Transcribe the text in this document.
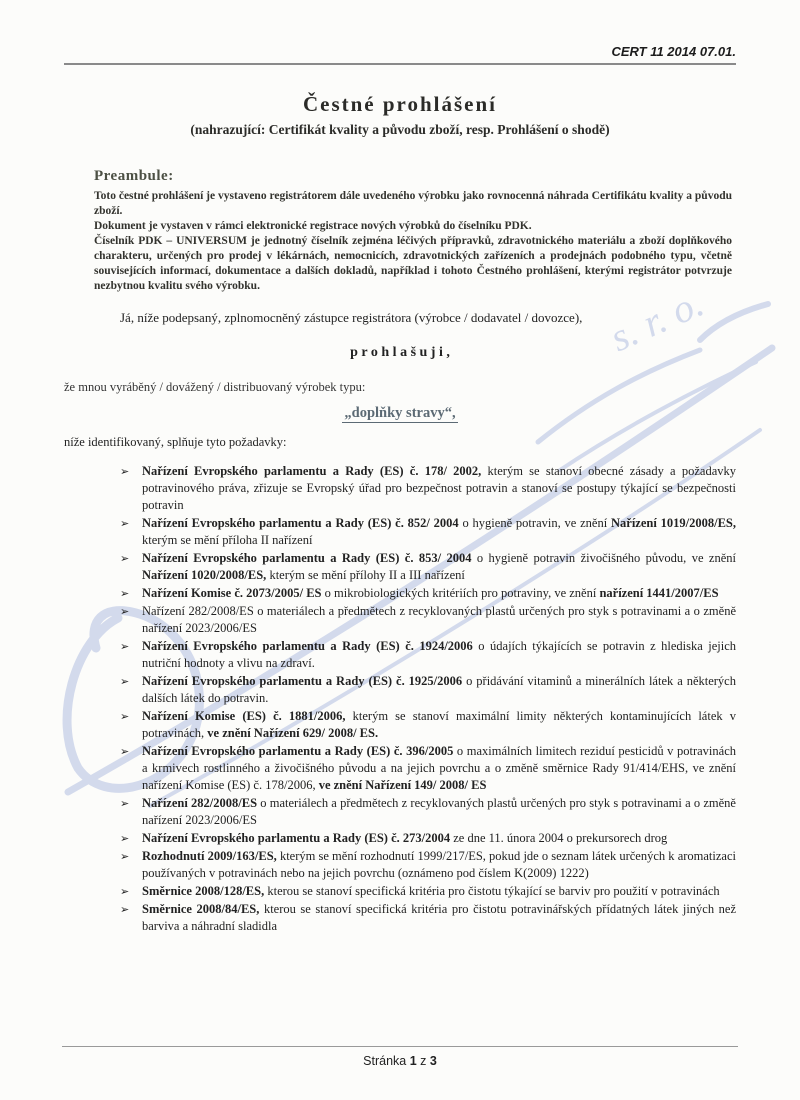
s. r. o.
CERT 11 2014 07.01.
Čestné prohlášení
(nahrazující: Certifikát kvality a původu zboží, resp. Prohlášení o shodě)
Preambule:

Toto čestné prohlášení je vystaveno registrátorem dále uvedeného výrobku jako rovnocenná náhrada Certifikátu kvality a původu zboží.

Dokument je vystaven v rámci elektronické registrace nových výrobků do číselníku PDK.

Číselník PDK – UNIVERSUM je jednotný číselník zejména léčivých přípravků, zdravotnického materiálu a zboží doplňkového charakteru, určených pro prodej v lékárnách, nemocnicích, zdravotnických zařízeních a prodejnách podobného typu, včetně souvisejících informací, dokumentace a dalších dokladů, například i tohoto Čestného prohlášení, kterými registrátor potvrzuje nezbytnou kvalitu svého výrobku.

Já, níže podepsaný, zplnomocněný zástupce registrátora (výrobce / dodavatel / dovozce),

p r o h l a š u j i ,

že mnou vyráběný / dovážený / distribuovaný výrobek typu:

„doplňky stravy“,

níže identifikovaný, splňuje tyto požadavky:

➢ Nařízení Evropského parlamentu a Rady (ES) č. 178/ 2002, kterým se stanoví obecné zásady a požadavky potravinového práva, zřizuje se Evropský úřad pro bezpečnost potravin a stanoví se postupy týkající se bezpečnosti potravin
➢ Nařízení Evropského parlamentu a Rady (ES) č. 852/ 2004 o hygieně potravin, ve znění Nařízení 1019/2008/ES, kterým se mění příloha II nařízení
➢ Nařízení Evropského parlamentu a Rady (ES) č. 853/ 2004 o hygieně potravin živočišného původu, ve znění Nařízení 1020/2008/ES, kterým se mění přílohy II a III nařízení
➢ Nařízení Komise č. 2073/2005/ ES o mikrobiologických kritériích pro potraviny, ve znění nařízení 1441/2007/ES
➢ Nařízení 282/2008/ES o materiálech a předmětech z recyklovaných plastů určených pro styk s potravinami a o změně nařízení 2023/2006/ES
➢ Nařízení Evropského parlamentu a Rady (ES) č. 1924/2006 o údajích týkajících se potravin z hlediska jejich nutriční hodnoty a vlivu na zdraví.
➢ Nařízení Evropského parlamentu a Rady (ES) č. 1925/2006 o přidávání vitaminů a minerálních látek a některých dalších látek do potravin.
➢ Nařízení Komise (ES) č. 1881/2006, kterým se stanoví maximální limity některých kontaminujících látek v potravinách, ve znění Nařízení 629/ 2008/ ES.
➢ Nařízení Evropského parlamentu a Rady (ES) č. 396/2005 o maximálních limitech reziduí pesticidů v potravinách a krmivech rostlinného a živočišného původu a na jejich povrchu a o změně směrnice Rady 91/414/EHS, ve znění nařízení Komise (ES) č. 178/2006, ve znění Nařízení 149/ 2008/ ES
➢ Nařízení 282/2008/ES o materiálech a předmětech z recyklovaných plastů určených pro styk s potravinami a o změně nařízení 2023/2006/ES
➢ Nařízení Evropského parlamentu a Rady (ES) č. 273/2004 ze dne 11. února 2004 o prekursorech drog
➢ Rozhodnutí 2009/163/ES, kterým se mění rozhodnutí 1999/217/ES, pokud jde o seznam látek určených k aromatizaci používaných v potravinách nebo na jejich povrchu (oznámeno pod číslem K(2009) 1222)
➢ Směrnice 2008/128/ES, kterou se stanoví specifická kritéria pro čistotu týkající se barviv pro použití v potravinách
➢ Směrnice 2008/84/ES, kterou se stanoví specifická kritéria pro čistotu potravinářských přídatných látek jiných než barviva a náhradní sladidla
Stránka 1 z 3
